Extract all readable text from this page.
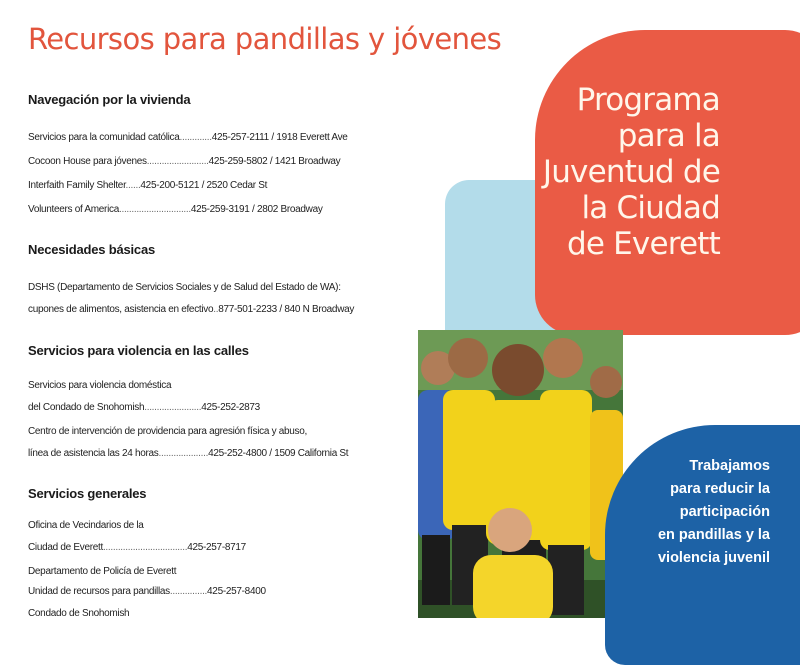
Recursos para pandillas y jóvenes
Navegación por la vivienda
Servicios para la comunidad católica.............425-257-2111 / 1918 Everett Ave
Cocoon House para jóvenes.........................425-259-5802 / 1421 Broadway
Interfaith Family Shelter......425-200-5121 / 2520 Cedar St
Volunteers of America.............................425-259-3191 / 2802 Broadway
Necesidades básicas
DSHS (Departamento de Servicios Sociales y de Salud del Estado de WA):
cupones de alimentos, asistencia en efectivo..877-501-2233 / 840 N Broadway
Servicios para violencia en las calles
Servicios para violencia doméstica
del Condado de Snohomish.......................425-252-2873
Centro de intervención de providencia para agresión física y abuso,
línea de asistencia las 24 horas....................425-252-4800 / 1509 California St
Servicios generales
Oficina de Vecindarios de la
Ciudad de Everett..................................425-257-8717
Departamento de Policía de Everett
Unidad de recursos para pandillas...............425-257-8400
Condado de Snohomish
Programa
para la
Juventud de
la Ciudad
de Everett

Trabajamos
para reducir la
participación
en pandillas y la
violencia juvenil
